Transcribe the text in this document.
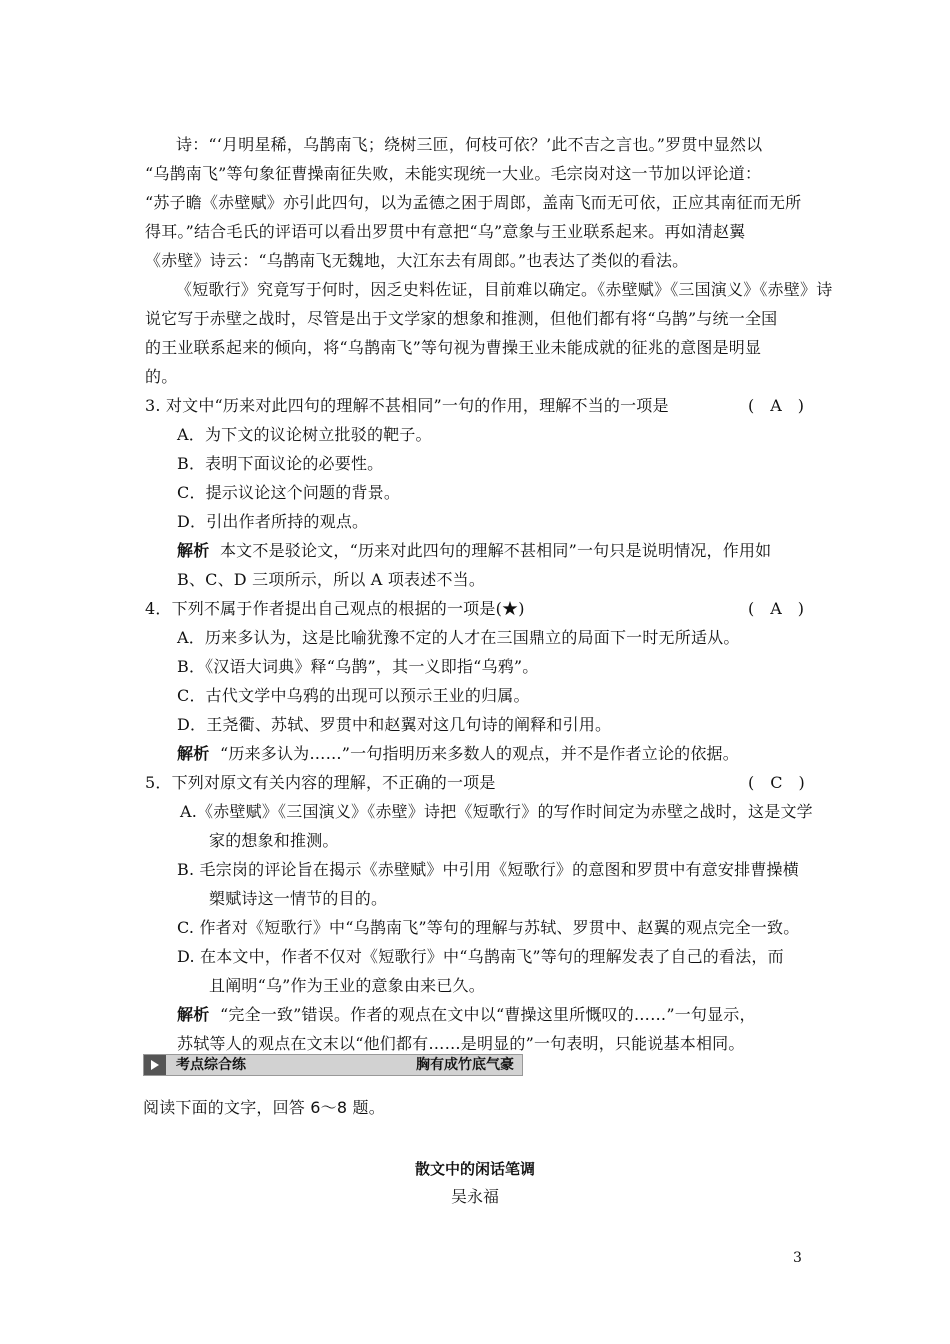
诗：“‘月明星稀，乌鹊南飞；绕树三匝，何枝可依？’此不吉之言也。”罗贯中显然以
“乌鹊南飞”等句象征曹操南征失败，未能实现统一大业。毛宗岗对这一节加以评论道：
“苏子瞻《赤壁赋》亦引此四句，以为孟德之困于周郎，盖南飞而无可依，正应其南征而无所
得耳。”结合毛氏的评语可以看出罗贯中有意把“乌”意象与王业联系起来。再如清赵翼
《赤壁》诗云：“乌鹊南飞无魏地，大江东去有周郎。”也表达了类似的看法。
《短歌行》究竟写于何时，因乏史料佐证，目前难以确定。《赤壁赋》《三国演义》《赤壁》诗
说它写于赤壁之战时，尽管是出于文学家的想象和推测，但他们都有将“乌鹊”与统一全国
的王业联系起来的倾向，将“乌鹊南飞”等句视为曹操王业未能成就的征兆的意图是明显
的。
3. 对文中“历来对此四句的理解不甚相同”一句的作用，理解不当的一项是	(　A　)
A．为下文的议论树立批驳的靶子。
B．表明下面议论的必要性。
C．提示议论这个问题的背景。
D．引出作者所持的观点。
解析 本文不是驳论文，“历来对此四句的理解不甚相同”一句只是说明情况，作用如
B、C、D 三项所示，所以 A 项表述不当。
4．下列不属于作者提出自己观点的根据的一项是(★)	(　A　)
A．历来多认为，这是比喻犹豫不定的人才在三国鼎立的局面下一时无所适从。
B．《汉语大词典》释“乌鹊”，其一义即指“乌鸦”。
C．古代文学中乌鸦的出现可以预示王业的归属。
D．王尧衢、苏轼、罗贯中和赵翼对这几句诗的阐释和引用。
解析 “历来多认为……”一句指明历来多数人的观点，并不是作者立论的依据。
5．下列对原文有关内容的理解，不正确的一项是	(　C　)
A.《赤壁赋》《三国演义》《赤壁》诗把《短歌行》的写作时间定为赤壁之战时，这是文学
家的想象和推测。
B. 毛宗岗的评论旨在揭示《赤壁赋》中引用《短歌行》的意图和罗贯中有意安排曹操横
槊赋诗这一情节的目的。
C. 作者对《短歌行》中“乌鹊南飞”等句的理解与苏轼、罗贯中、赵翼的观点完全一致。
D. 在本文中，作者不仅对《短歌行》中“乌鹊南飞”等句的理解发表了自己的看法，而
且阐明“乌”作为王业的意象由来已久。
解析 “完全一致”错误。作者的观点在文中以“曹操这里所慨叹的……”一句显示，
苏轼等人的观点在文末以“他们都有……是明显的”一句表明，只能说基本相同。
考点综合练	胸有成竹底气豪
阅读下面的文字，回答 6～8 题。
散文中的闲话笔调
吴永福
3
